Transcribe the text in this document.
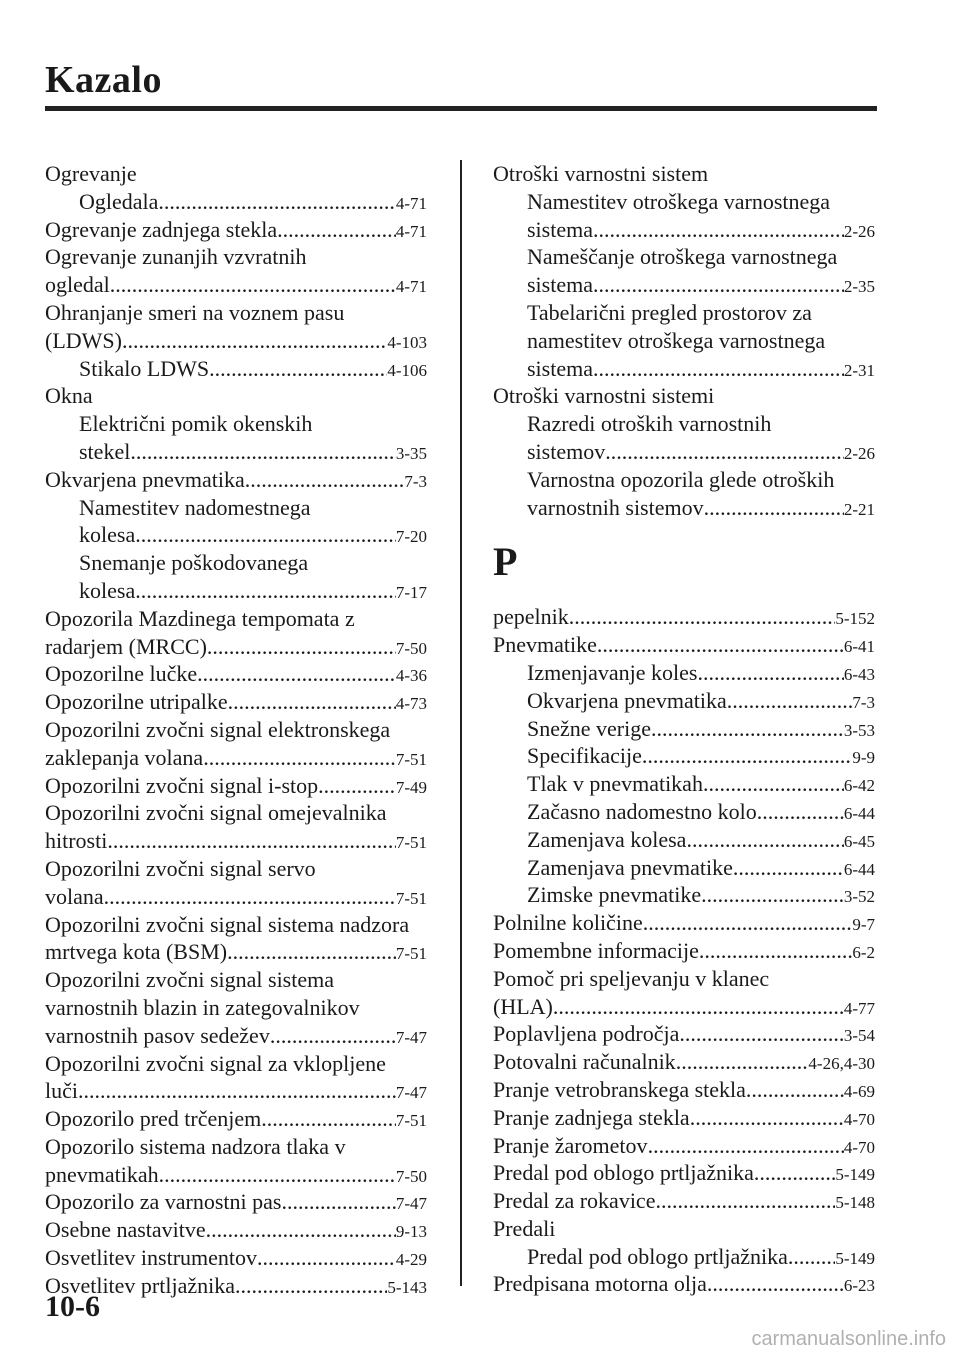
Kazalo
Ogrevanje
Ogledala .....	4-71
Ogrevanje zadnjega stekla .....	4-71
Ogrevanje zunanjih vzvratnih
ogledal .....	4-71
Ohranjanje smeri na voznem pasu
(LDWS) .....	4-103
Stikalo LDWS .....	4-106
Okna
Električni pomik okenskih
stekel .....	3-35
Okvarjena pnevmatika .....	7-3
Namestitev nadomestnega
kolesa .....	7-20
Snemanje poškodovanega
kolesa .....	7-17
Opozorila Mazdinega tempomata z
radarjem (MRCC) .....	7-50
Opozorilne lučke .....	4-36
Opozorilne utripalke .....	4-73
Opozorilni zvočni signal elektronskega
zaklepanja volana .....	7-51
Opozorilni zvočni signal i-stop .....	7-49
Opozorilni zvočni signal omejevalnika
hitrosti .....	7-51
Opozorilni zvočni signal servo
volana .....	7-51
Opozorilni zvočni signal sistema nadzora
mrtvega kota (BSM) .....	7-51
Opozorilni zvočni signal sistema
varnostnih blazin in zategovalnikov
varnostnih pasov sedežev .....	7-47
Opozorilni zvočni signal za vklopljene
luči .....	7-47
Opozorilo pred trčenjem .....	7-51
Opozorilo sistema nadzora tlaka v
pnevmatikah .....	7-50
Opozorilo za varnostni pas .....	7-47
Osebne nastavitve .....	9-13
Osvetlitev instrumentov .....	4-29
Osvetlitev prtljažnika .....	5-143
Otroški varnostni sistem
Namestitev otroškega varnostnega
sistema .....	2-26
Nameščanje otroškega varnostnega
sistema .....	2-35
Tabelarični pregled prostorov za
namestitev otroškega varnostnega
sistema .....	2-31
Otroški varnostni sistemi
Razredi otroških varnostnih
sistemov .....	2-26
Varnostna opozorila glede otroških
varnostnih sistemov .....	2-21
P
pepelnik .....	5-152
Pnevmatike .....	6-41
Izmenjavanje koles .....	6-43
Okvarjena pnevmatika .....	7-3
Snežne verige .....	3-53
Specifikacije .....	9-9
Tlak v pnevmatikah .....	6-42
Začasno nadomestno kolo .....	6-44
Zamenjava kolesa .....	6-45
Zamenjava pnevmatike .....	6-44
Zimske pnevmatike .....	3-52
Polnilne količine .....	9-7
Pomembne informacije .....	6-2
Pomoč pri speljevanju v klanec
(HLA) .....	4-77
Poplavljena področja .....	3-54
Potovalni računalnik .....	4-26,4-30
Pranje vetrobranskega stekla .....	4-69
Pranje zadnjega stekla .....	4-70
Pranje žarometov .....	4-70
Predal pod oblogo prtljažnika .....	5-149
Predal za rokavice .....	5-148
Predali
Predal pod oblogo prtljažnika .....	5-149
Predpisana motorna olja .....	6-23
10-6
carmanualsonline.info
